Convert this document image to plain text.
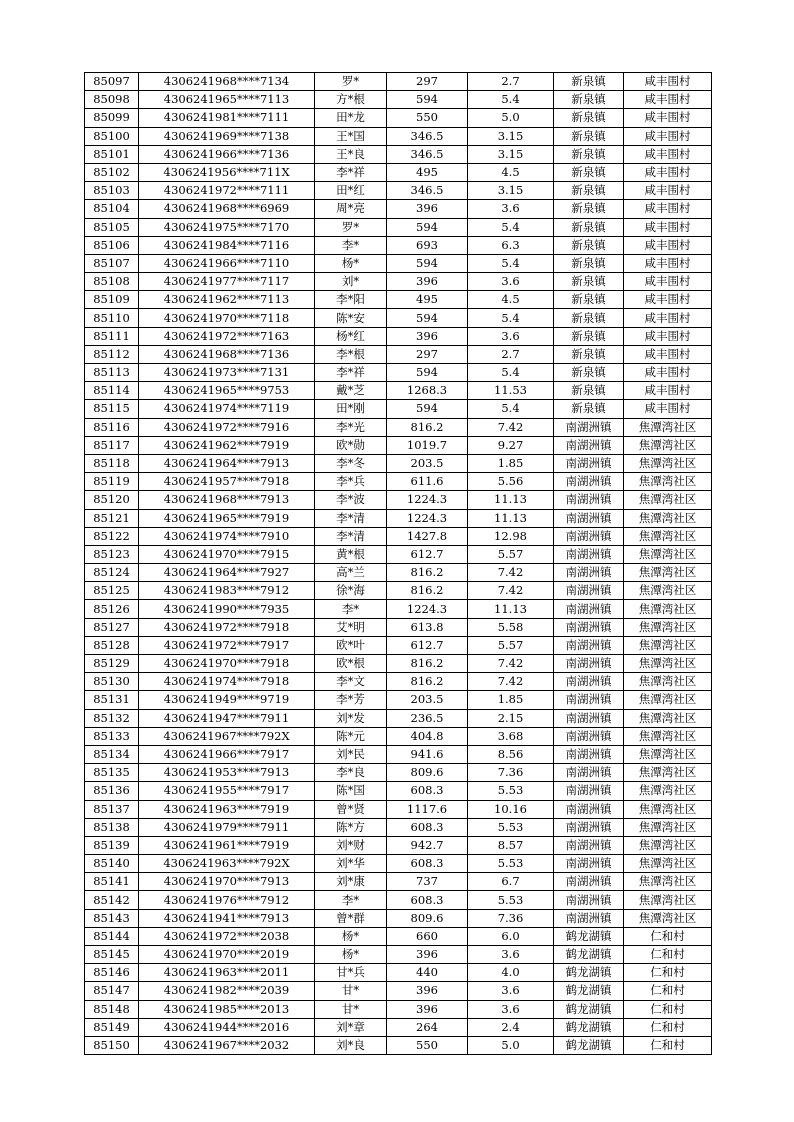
85097	4306241968****7134	罗*	297	2.7	新泉镇	咸丰围村
85098	4306241965****7113	方*根	594	5.4	新泉镇	咸丰围村
85099	4306241981****7111	田*龙	550	5.0	新泉镇	咸丰围村
85100	4306241969****7138	王*国	346.5	3.15	新泉镇	咸丰围村
85101	4306241966****7136	王*良	346.5	3.15	新泉镇	咸丰围村
85102	4306241956****711X	李*祥	495	4.5	新泉镇	咸丰围村
85103	4306241972****7111	田*红	346.5	3.15	新泉镇	咸丰围村
85104	4306241968****6969	周*亮	396	3.6	新泉镇	咸丰围村
85105	4306241975****7170	罗*	594	5.4	新泉镇	咸丰围村
85106	4306241984****7116	李*	693	6.3	新泉镇	咸丰围村
85107	4306241966****7110	杨*	594	5.4	新泉镇	咸丰围村
85108	4306241977****7117	刘*	396	3.6	新泉镇	咸丰围村
85109	4306241962****7113	李*阳	495	4.5	新泉镇	咸丰围村
85110	4306241970****7118	陈*安	594	5.4	新泉镇	咸丰围村
85111	4306241972****7163	杨*红	396	3.6	新泉镇	咸丰围村
85112	4306241968****7136	李*根	297	2.7	新泉镇	咸丰围村
85113	4306241973****7131	李*祥	594	5.4	新泉镇	咸丰围村
85114	4306241965****9753	戴*芝	1268.3	11.53	新泉镇	咸丰围村
85115	4306241974****7119	田*刚	594	5.4	新泉镇	咸丰围村
85116	4306241972****7916	李*光	816.2	7.42	南湖洲镇	焦潭湾社区
85117	4306241962****7919	欧*勋	1019.7	9.27	南湖洲镇	焦潭湾社区
85118	4306241964****7913	李*冬	203.5	1.85	南湖洲镇	焦潭湾社区
85119	4306241957****7918	李*兵	611.6	5.56	南湖洲镇	焦潭湾社区
85120	4306241968****7913	李*波	1224.3	11.13	南湖洲镇	焦潭湾社区
85121	4306241965****7919	李*清	1224.3	11.13	南湖洲镇	焦潭湾社区
85122	4306241974****7910	李*清	1427.8	12.98	南湖洲镇	焦潭湾社区
85123	4306241970****7915	黄*根	612.7	5.57	南湖洲镇	焦潭湾社区
85124	4306241964****7927	高*兰	816.2	7.42	南湖洲镇	焦潭湾社区
85125	4306241983****7912	徐*海	816.2	7.42	南湖洲镇	焦潭湾社区
85126	4306241990****7935	李*	1224.3	11.13	南湖洲镇	焦潭湾社区
85127	4306241972****7918	艾*明	613.8	5.58	南湖洲镇	焦潭湾社区
85128	4306241972****7917	欧*叶	612.7	5.57	南湖洲镇	焦潭湾社区
85129	4306241970****7918	欧*根	816.2	7.42	南湖洲镇	焦潭湾社区
85130	4306241974****7918	李*文	816.2	7.42	南湖洲镇	焦潭湾社区
85131	4306241949****9719	李*芳	203.5	1.85	南湖洲镇	焦潭湾社区
85132	4306241947****7911	刘*发	236.5	2.15	南湖洲镇	焦潭湾社区
85133	4306241967****792X	陈*元	404.8	3.68	南湖洲镇	焦潭湾社区
85134	4306241966****7917	刘*民	941.6	8.56	南湖洲镇	焦潭湾社区
85135	4306241953****7913	李*良	809.6	7.36	南湖洲镇	焦潭湾社区
85136	4306241955****7917	陈*国	608.3	5.53	南湖洲镇	焦潭湾社区
85137	4306241963****7919	曾*贤	1117.6	10.16	南湖洲镇	焦潭湾社区
85138	4306241979****7911	陈*方	608.3	5.53	南湖洲镇	焦潭湾社区
85139	4306241961****7919	刘*财	942.7	8.57	南湖洲镇	焦潭湾社区
85140	4306241963****792X	刘*华	608.3	5.53	南湖洲镇	焦潭湾社区
85141	4306241970****7913	刘*康	737	6.7	南湖洲镇	焦潭湾社区
85142	4306241976****7912	李*	608.3	5.53	南湖洲镇	焦潭湾社区
85143	4306241941****7913	曾*群	809.6	7.36	南湖洲镇	焦潭湾社区
85144	4306241972****2038	杨*	660	6.0	鹤龙湖镇	仁和村
85145	4306241970****2019	杨*	396	3.6	鹤龙湖镇	仁和村
85146	4306241963****2011	甘*兵	440	4.0	鹤龙湖镇	仁和村
85147	4306241982****2039	甘*	396	3.6	鹤龙湖镇	仁和村
85148	4306241985****2013	甘*	396	3.6	鹤龙湖镇	仁和村
85149	4306241944****2016	刘*章	264	2.4	鹤龙湖镇	仁和村
85150	4306241967****2032	刘*良	550	5.0	鹤龙湖镇	仁和村
